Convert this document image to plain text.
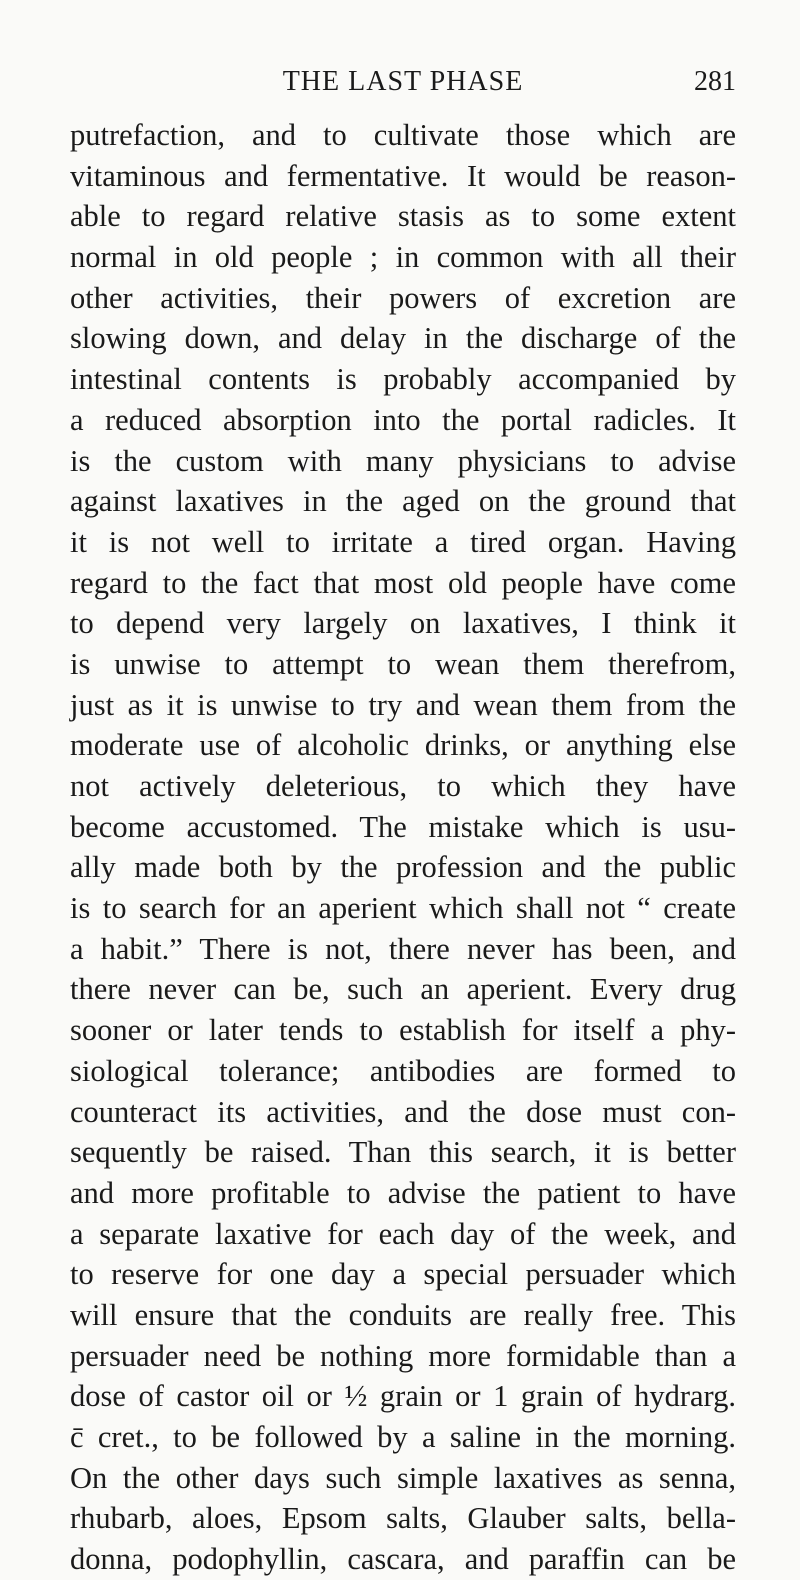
THE LAST PHASE	281
putrefaction, and to cultivate those which are
vitaminous and fermentative. It would be reason-
able to regard relative stasis as to some extent
normal in old people ; in common with all their
other activities, their powers of excretion are
slowing down, and delay in the discharge of the
intestinal contents is probably accompanied by
a reduced absorption into the portal radicles. It
is the custom with many physicians to advise
against laxatives in the aged on the ground that
it is not well to irritate a tired organ. Having
regard to the fact that most old people have come
to depend very largely on laxatives, I think it
is unwise to attempt to wean them therefrom,
just as it is unwise to try and wean them from the
moderate use of alcoholic drinks, or anything else
not actively deleterious, to which they have
become accustomed. The mistake which is usu-
ally made both by the profession and the public
is to search for an aperient which shall not “ create
a habit.” There is not, there never has been, and
there never can be, such an aperient. Every drug
sooner or later tends to establish for itself a phy-
siological tolerance; antibodies are formed to
counteract its activities, and the dose must con-
sequently be raised. Than this search, it is better
and more profitable to advise the patient to have
a separate laxative for each day of the week, and
to reserve for one day a special persuader which
will ensure that the conduits are really free. This
persuader need be nothing more formidable than a
dose of castor oil or ½ grain or 1 grain of hydrarg.
c̄ cret., to be followed by a saline in the morning.
On the other days such simple laxatives as senna,
rhubarb, aloes, Epsom salts, Glauber salts, bella-
donna, podophyllin, cascara, and paraffin can be
